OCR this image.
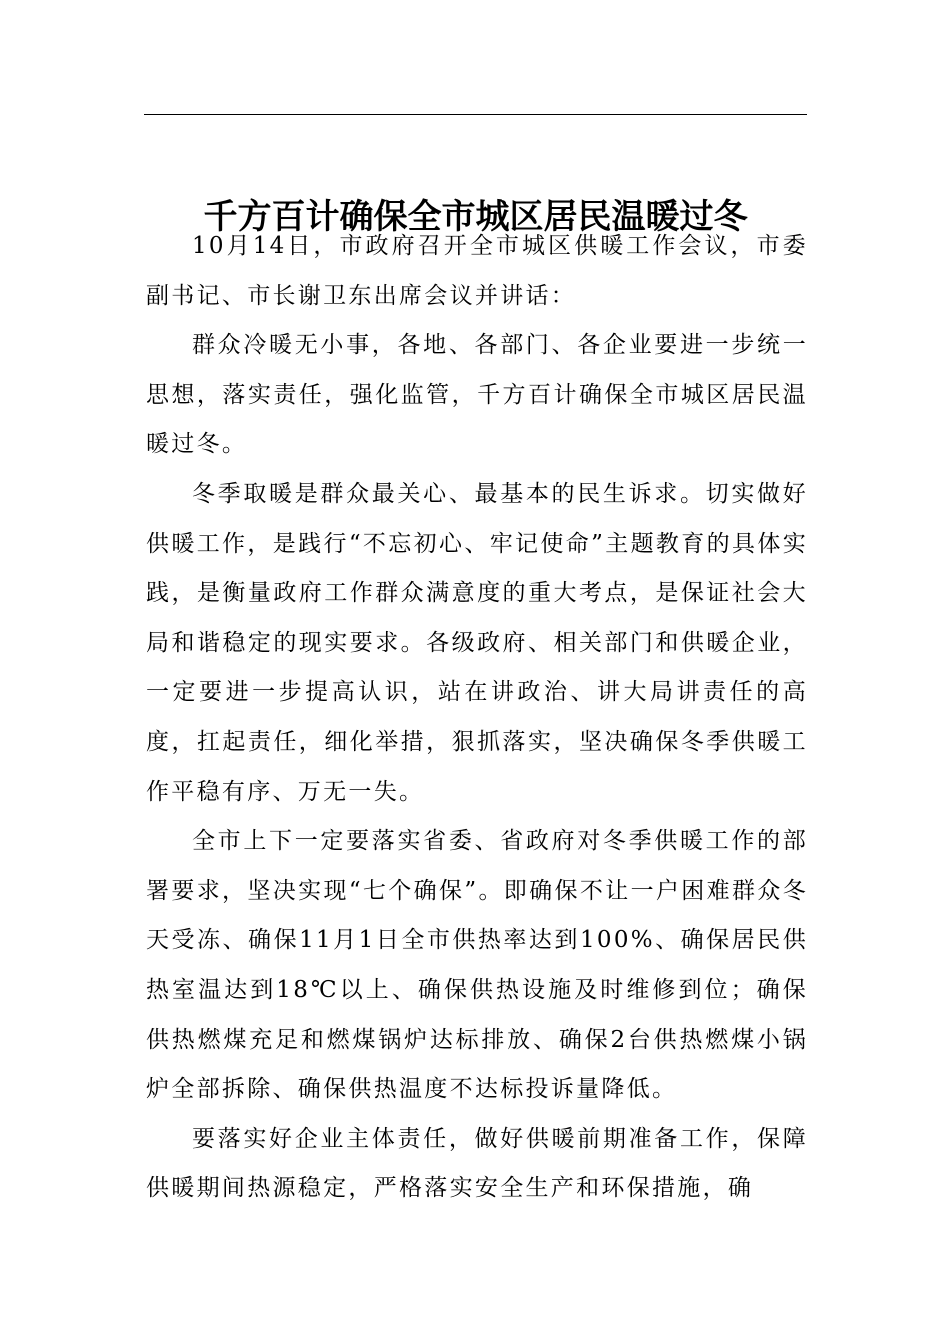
千方百计确保全市城区居民温暖过冬

10月14日，市政府召开全市城区供暖工作会议，市委副书记、市长谢卫东出席会议并讲话：

群众冷暖无小事，各地、各部门、各企业要进一步统一思想，落实责任，强化监管，千方百计确保全市城区居民温暖过冬。

冬季取暖是群众最关心、最基本的民生诉求。切实做好供暖工作，是践行“不忘初心、牢记使命”主题教育的具体实践，是衡量政府工作群众满意度的重大考点，是保证社会大局和谐稳定的现实要求。各级政府、相关部门和供暖企业，一定要进一步提高认识，站在讲政治、讲大局讲责任的高度，扛起责任，细化举措，狠抓落实，坚决确保冬季供暖工作平稳有序、万无一失。

全市上下一定要落实省委、省政府对冬季供暖工作的部署要求，坚决实现“七个确保”。即确保不让一户困难群众冬天受冻、确保11月1日全市供热率达到100%、确保居民供热室温达到18℃以上、确保供热设施及时维修到位；确保供热燃煤充足和燃煤锅炉达标排放、确保2台供热燃煤小锅炉全部拆除、确保供热温度不达标投诉量降低。

要落实好企业主体责任，做好供暖前期准备工作，保障供暖期间热源稳定，严格落实安全生产和环保措施，确
